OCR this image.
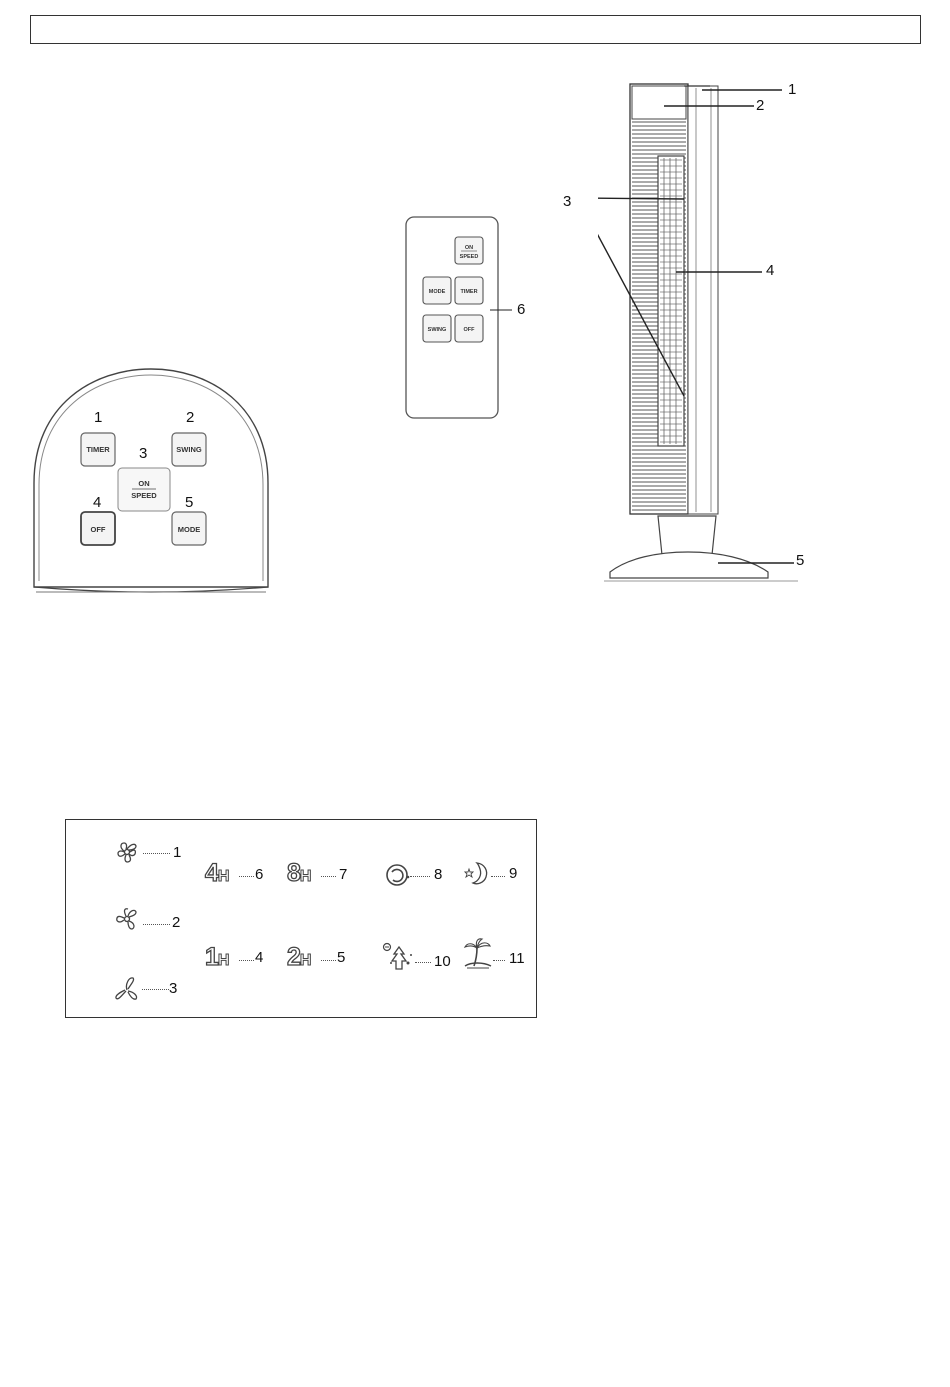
TIMER	SWING
ON
SPEED
OFF	MODE
1	2
3
4	5
ON
SPEED
MODE	TIMER
SWING	OFF
6
1
2
3
4
5
1
2
3
4H 6 8H 7
1H 4 2H 5
8	9
10	11
